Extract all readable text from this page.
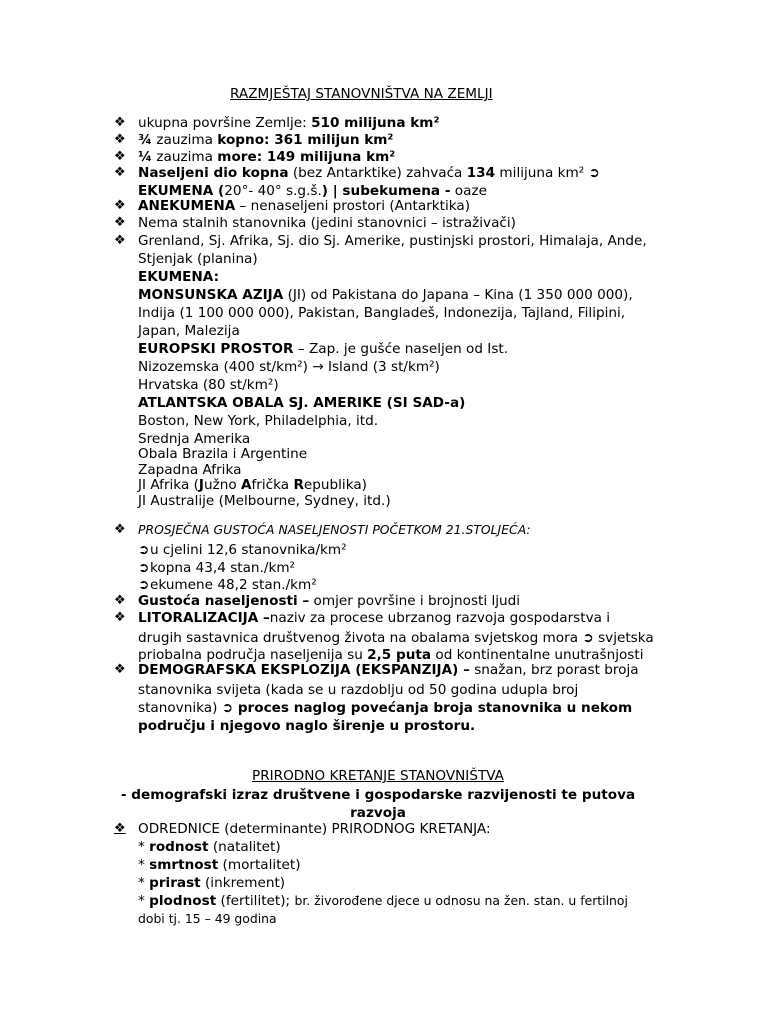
RAZMJEŠTAJ STANOVNIŠTVA NA ZEMLJI
❖
❖
❖
❖
❖
❖
❖
❖
❖
❖
❖
❖
ukupna površine Zemlje: 510 milijuna km²
¾ zauzima kopno: 361 milijun km²
¼ zauzima more: 149 milijuna km²
Naseljeni dio kopna (bez Antarktike) zahvaća 134 milijuna km² ➲
EKUMENA (20°- 40° s.g.š.) | subekumena - oaze
ANEKUMENA – nenaseljeni prostori (Antarktika)
Nema stalnih stanovnika (jedini stanovnici – istraživači)
Grenland, Sj. Afrika, Sj. dio Sj. Amerike, pustinjski prostori, Himalaja, Ande,
Stjenjak (planina)
EKUMENA:
MONSUNSKA AZIJA (JI) od Pakistana do Japana – Kina (1 350 000 000),
Indija (1 100 000 000), Pakistan, Bangladeš, Indonezija, Tajland, Filipini,
Japan, Malezija
EUROPSKI PROSTOR – Zap. je gušće naseljen od Ist.
Nizozemska (400 st/km²) → Island (3 st/km²)
Hrvatska (80 st/km²)
ATLANTSKA OBALA SJ. AMERIKE (SI SAD-a)
Boston, New York, Philadelphia, itd.
Srednja Amerika
Obala Brazila i Argentine
Zapadna Afrika
JI Afrika (Južno Afrička Republika)
JI Australije (Melbourne, Sydney, itd.)
PROSJEČNA GUSTOĆA NASELJENOSTI POČETKOM 21.STOLJEĆA:
➲u cjelini 12,6 stanovnika/km²
➲kopna 43,4 stan./km²
➲ekumene 48,2 stan./km²
Gustoća naseljenosti – omjer površine i brojnosti ljudi
LITORALIZACIJA –naziv za procese ubrzanog razvoja gospodarstva i
drugih sastavnica društvenog života na obalama svjetskog mora ➲ svjetska
priobalna područja naseljenija su 2,5 puta od kontinentalne unutrašnjosti
DEMOGRAFSKA EKSPLOZIJA (EKSPANZIJA) – snažan, brz porast broja
stanovnika svijeta (kada se u razdoblju od 50 godina udupla broj
stanovnika) ➲ proces naglog povećanja broja stanovnika u nekom
području i njegovo naglo širenje u prostoru.
PRIRODNO KRETANJE STANOVNIŠTVA
- demografski izraz društvene i gospodarske razvijenosti te putova
razvoja
ODREDNICE (determinante) PRIRODNOG KRETANJA:
* rodnost (natalitet)
* smrtnost (mortalitet)
* prirast (inkrement)
* plodnost (fertilitet); br. živorođene djece u odnosu na žen. stan. u fertilnoj
dobi tj. 15 – 49 godina
